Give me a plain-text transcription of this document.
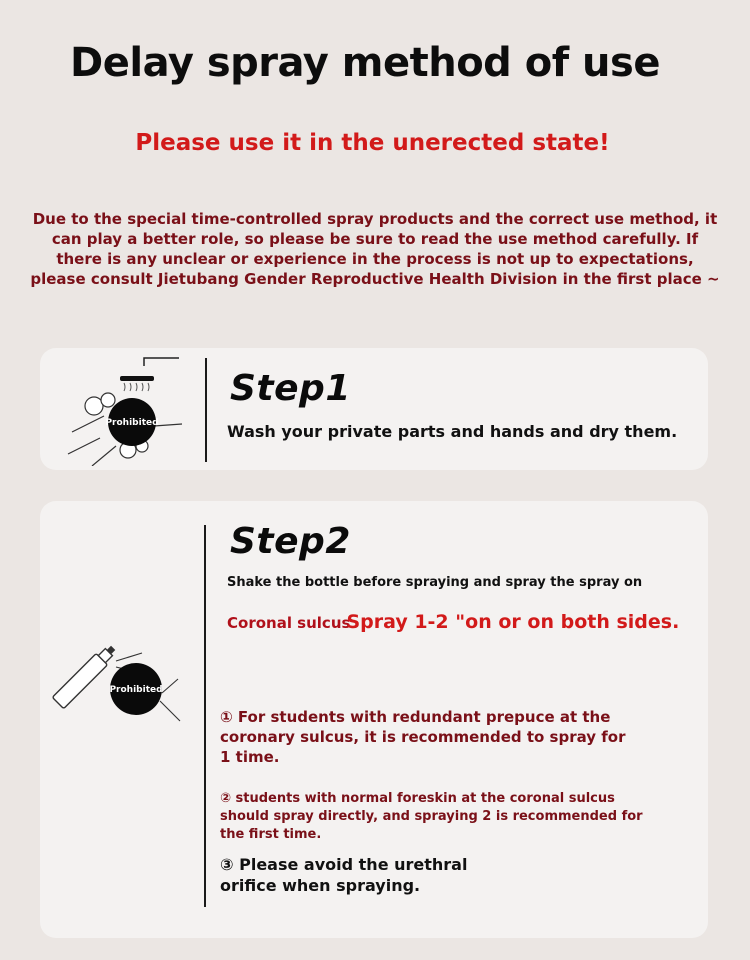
Delay spray method of use
Please use it in the unerected state!
Due to the special time-controlled spray products and the correct use method, it can play a better role, so please be sure to read the use method carefully. If there is any unclear or experience in the process is not up to expectations, please consult Jietubang Gender Reproductive Health Division in the first place ~
Prohibited
Step1
Wash your private parts and hands and dry them.
Prohibited
Step2
Shake the bottle before spraying and spray the spray on
Coronal sulcusSpray 1-2 "on or on both sides.
① For students with redundant prepuce at the coronary sulcus, it is recommended to spray for 1 time.
② students with normal foreskin at the coronal sulcus should spray directly, and spraying 2 is recommended for the first time.
③ Please avoid the urethral orifice when spraying.
